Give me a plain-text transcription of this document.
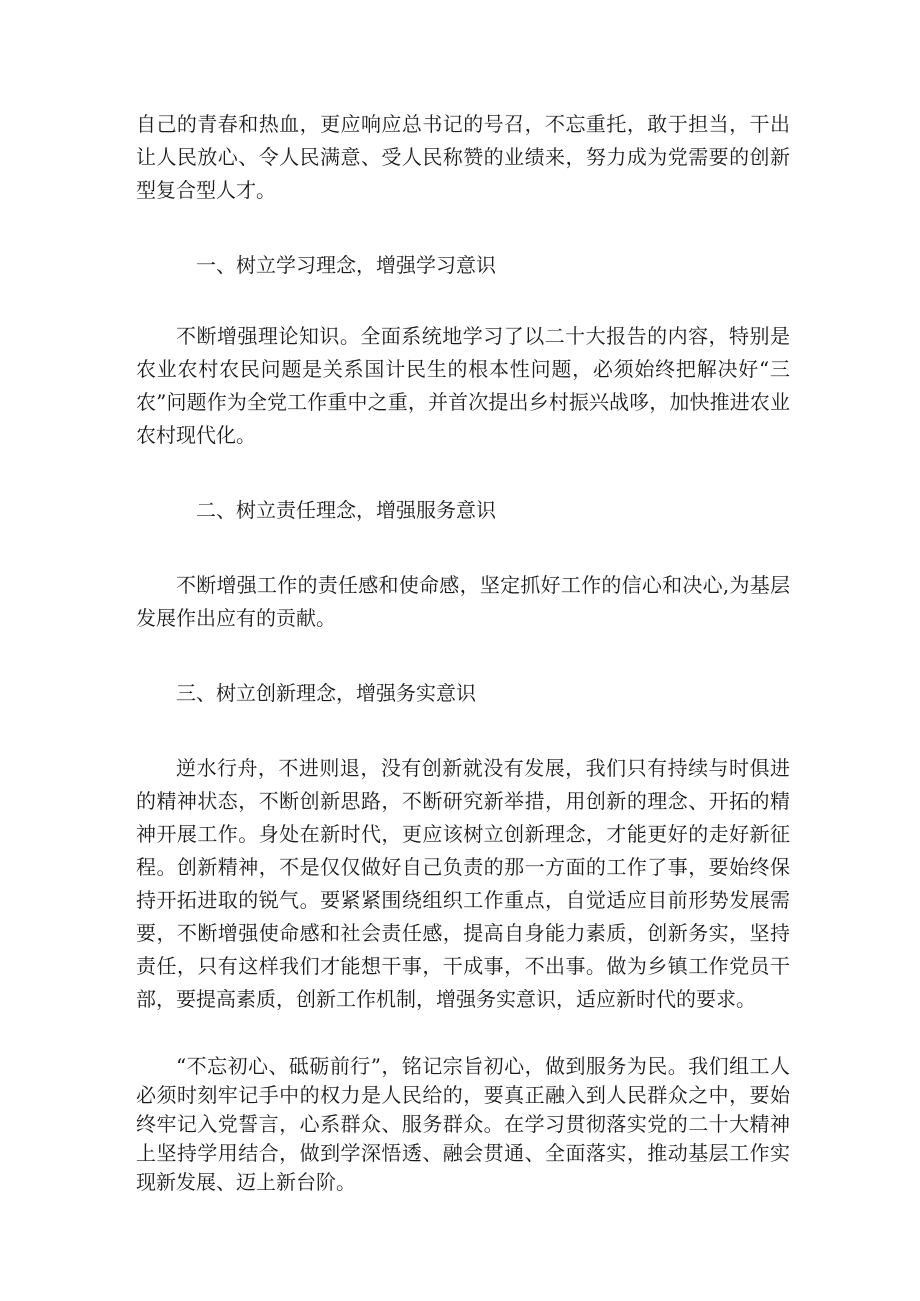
自己的青春和热血，更应响应总书记的号召，不忘重托，敢于担当，干出让人民放心、令人民满意、受人民称赞的业绩来，努力成为党需要的创新型复合型人才。

一、树立学习理念，增强学习意识

不断增强理论知识。全面系统地学习了以二十大报告的内容，特别是农业农村农民问题是关系国计民生的根本性问题，必须始终把解决好“三农”问题作为全党工作重中之重，并首次提出乡村振兴战哆，加快推进农业农村现代化。

二、树立责任理念，增强服务意识

不断增强工作的责任感和使命感，坚定抓好工作的信心和决心,为基层发展作出应有的贡献。

三、树立创新理念，增强务实意识

逆水行舟，不进则退，没有创新就没有发展，我们只有持续与时俱进的精神状态，不断创新思路，不断研究新举措，用创新的理念、开拓的精神开展工作。身处在新时代，更应该树立创新理念，才能更好的走好新征程。创新精神，不是仅仅做好自己负责的那一方面的工作了事，要始终保持开拓进取的锐气。要紧紧围绕组织工作重点，自觉适应目前形势发展需要，不断增强使命感和社会责任感，提高自身能力素质，创新务实，坚持责任，只有这样我们才能想干事，干成事，不出事。做为乡镇工作党员干部，要提高素质，创新工作机制，增强务实意识，适应新时代的要求。

“不忘初心、砥砺前行”，铭记宗旨初心，做到服务为民。我们组工人必须时刻牢记手中的权力是人民给的，要真正融入到人民群众之中，要始终牢记入党誓言，心系群众、服务群众。在学习贯彻落实党的二十大精神上坚持学用结合，做到学深悟透、融会贯通、全面落实，推动基层工作实现新发展、迈上新台阶。
